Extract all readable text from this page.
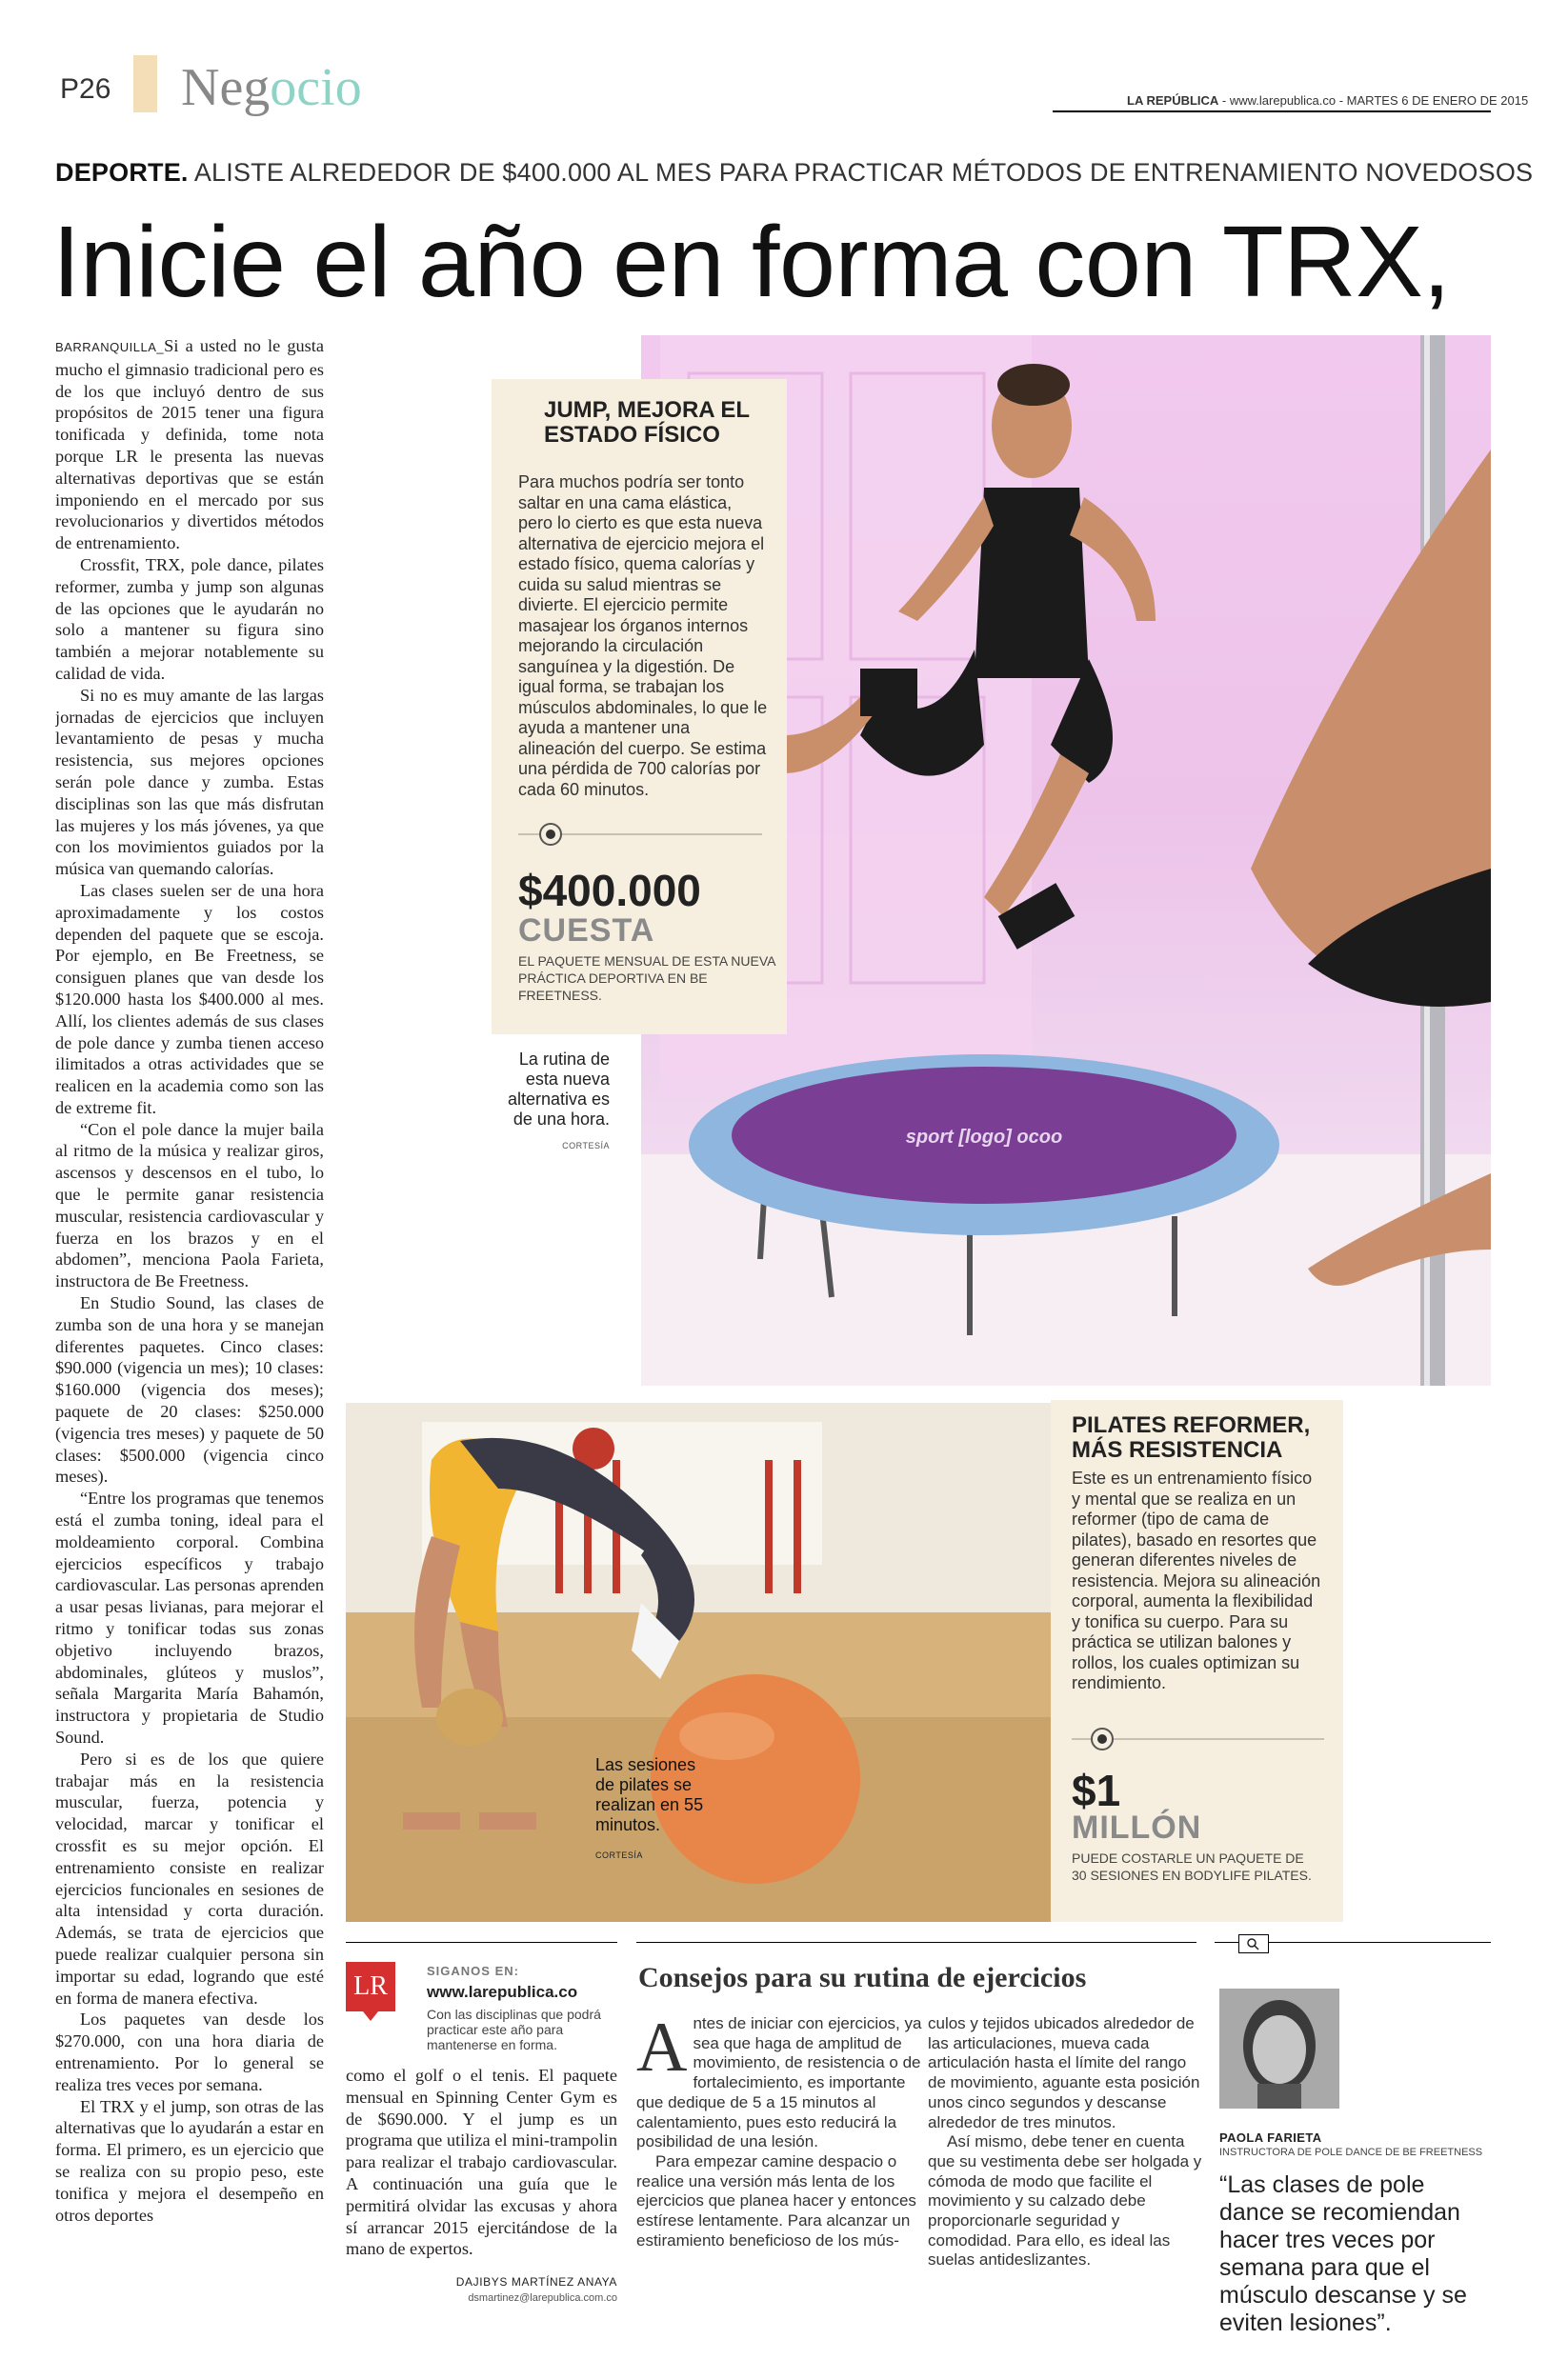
P26 Negocio	LA REPÚBLICA - www.larepublica.co - MARTES 6 DE ENERO DE 2015
DEPORTE. ALISTE ALREDEDOR DE $400.000 AL MES PARA PRACTICAR MÉTODOS DE ENTRENAMIENTO NOVEDOSOS
Inicie el año en forma con TRX,
sport [logo] ocoo
JUMP, MEJORA EL ESTADO FÍSICO
Para muchos podría ser tonto saltar en una cama elástica, pero lo cierto es que esta nueva alternativa de ejercicio mejora el estado físico, quema calorías y cuida su salud mientras se divierte. El ejercicio permite masajear los órganos internos mejorando la circulación sanguínea y la digestión. De igual forma, se trabajan los músculos abdominales, lo que le ayuda a mantener una alineación del cuerpo. Se estima una pérdida de 700 calorías por cada 60 minutos.
$400.000
CUESTA
EL PAQUETE MENSUAL DE ESTA NUEVA PRÁCTICA DEPORTIVA EN BE FREETNESS.
La rutina de esta nueva alternativa es de una hora.
CORTESÍA
Las sesiones de pilates se realizan en 55 minutos.
CORTESÍA
PILATES REFORMER, MÁS RESISTENCIA
Este es un entrenamiento físico y mental que se realiza en un reformer (tipo de cama de pilates), basado en resortes que generan diferentes niveles de resistencia. Mejora su alineación corporal, aumenta la flexibilidad y tonifica su cuerpo. Para su práctica se utilizan balones y rollos, los cuales optimizan su rendimiento.
$1
MILLÓN
PUEDE COSTARLE UN PAQUETE DE 30 SESIONES EN BODYLIFE PILATES.

BARRANQUILLA_Si a usted no le gusta mucho el gimnasio tradicional pero es de los que incluyó dentro de sus propósitos de 2015 tener una figura tonificada y definida, tome nota porque LR le presenta las nuevas alternativas deportivas que se están imponiendo en el mercado por sus revolucionarios y divertidos métodos de entrenamiento.

Crossfit, TRX, pole dance, pilates reformer, zumba y jump son algunas de las opciones que le ayudarán no solo a mantener su figura sino también a mejorar notablemente su calidad de vida.

Si no es muy amante de las largas jornadas de ejercicios que incluyen levantamiento de pesas y mucha resistencia, sus mejores opciones serán pole dance y zumba. Estas disciplinas son las que más disfrutan las mujeres y los más jóvenes, ya que con los movimientos guiados por la música van quemando calorías.

Las clases suelen ser de una hora aproximadamente y los costos dependen del paquete que se escoja. Por ejemplo, en Be Freetness, se consiguen planes que van desde los $120.000 hasta los $400.000 al mes. Allí, los clientes además de sus clases de pole dance y zumba tienen acceso ilimitados a otras actividades que se realicen en la academia como son las de extreme fit.

“Con el pole dance la mujer baila al ritmo de la música y realizar giros, ascensos y descensos en el tubo, lo que le permite ganar resistencia muscular, resistencia cardiovascular y fuerza en los brazos y en el abdomen”, menciona Paola Farieta, instructora de Be Freetness.

En Studio Sound, las clases de zumba son de una hora y se manejan diferentes paquetes. Cinco clases: $90.000 (vigencia un mes); 10 clases: $160.000 (vigencia dos meses); paquete de 20 clases: $250.000 (vigencia tres meses) y paquete de 50 clases: $500.000 (vigencia cinco meses).

“Entre los programas que tenemos está el zumba toning, ideal para el moldeamiento corporal. Combina ejercicios específicos y trabajo cardiovascular. Las personas aprenden a usar pesas livianas, para mejorar el ritmo y tonificar todas sus zonas objetivo incluyendo brazos, abdominales, glúteos y muslos”, señala Margarita María Bahamón, instructora y propietaria de Studio Sound.

Pero si es de los que quiere trabajar más en la resistencia muscular, fuerza, potencia y velocidad, marcar y tonificar el crossfit es su mejor opción. El entrenamiento consiste en realizar ejercicios funcionales en sesiones de alta intensidad y corta duración. Además, se trata de ejercicios que puede realizar cualquier persona sin importar su edad, logrando que esté en forma de manera efectiva.

Los paquetes van desde los $270.000, con una hora diaria de entrenamiento. Por lo general se realiza tres veces por semana.

El TRX y el jump, son otras de las alternativas que lo ayudarán a estar en forma. El primero, es un ejercicio que se realiza con su propio peso, este tonifica y mejora el desempeño en otros deportes

LR
SIGANOS EN:
www.larepublica.co
Con las disciplinas que podrá practicar este año para mantenerse en forma.

como el golf o el tenis. El paquete mensual en Spinning Center Gym es de $690.000. Y el jump es un programa que utiliza el mini-trampolin para realizar el trabajo cardiovascular. A continuación una guía que le permitirá olvidar las excusas y ahora sí arrancar 2015 ejercitándose de la mano de expertos.

DAJIBYS MARTÍNEZ ANAYA
dsmartinez@larepublica.com.co
Consejos para su rutina de ejercicios
Antes de iniciar con ejercicios, ya sea que haga de amplitud de movimiento, de resistencia o de fortalecimiento, es importante que dedique de 5 a 15 minutos al calentamiento, pues esto reducirá la posibilidad de una lesión.
Para empezar camine despacio o realice una versión más lenta de los ejercicios que planea hacer y entonces estírese lentamente. Para alcanzar un estiramiento beneficioso de los mús-
culos y tejidos ubicados alrededor de las articulaciones, mueva cada articulación hasta el límite del rango de movimiento, aguante esta posición unos cinco segundos y descanse alrededor de tres minutos.
Así mismo, debe tener en cuenta que su vestimenta debe ser holgada y cómoda de modo que facilite el movimiento y su calzado debe proporcionarle seguridad y comodidad. Para ello, es ideal las suelas antideslizantes.
PAOLA FARIETA
INSTRUCTORA DE POLE DANCE DE BE FREETNESS
“Las clases de pole dance se recomiendan hacer tres veces por semana para que el músculo descanse y se eviten lesiones”.
